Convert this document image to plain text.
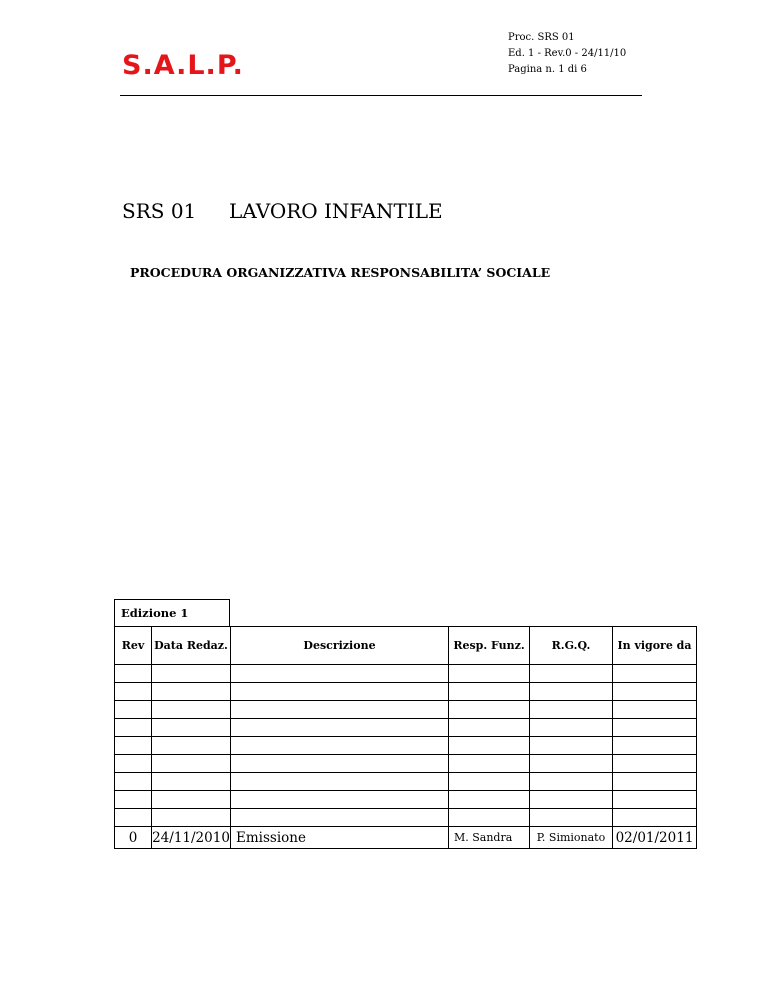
S.A.L.P.
Proc. SRS 01
Ed. 1 - Rev.0 - 24/11/10
Pagina n. 1 di 6
SRS 01 LAVORO INFANTILE
PROCEDURA ORGANIZZATIVA RESPONSABILITA’ SOCIALE
Edizione 1
Rev	Data Redaz.	Descrizione	Resp. Funz.	R.G.Q.	In vigore da

0	24/11/2010	Emissione	M. Sandra	P. Simionato	02/01/2011
